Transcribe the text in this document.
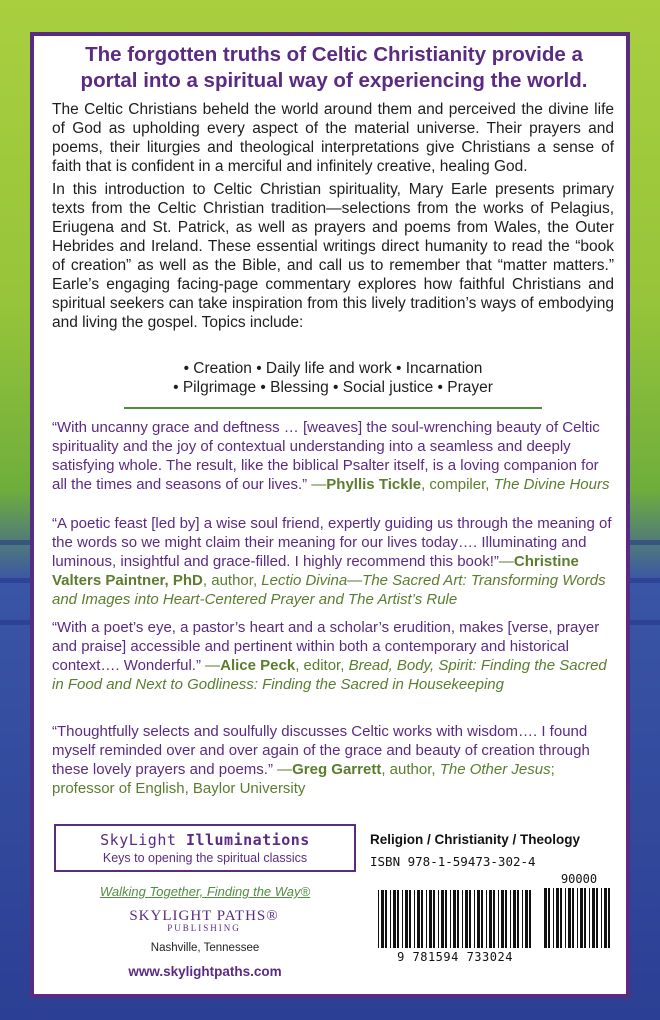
The forgotten truths of Celtic Christianity provide a portal into a spiritual way of experiencing the world.

The Celtic Christians beheld the world around them and perceived the divine life of God as upholding every aspect of the material universe. Their prayers and poems, their liturgies and theological interpretations give Christians a sense of faith that is confident in a merciful and infinitely creative, healing God.

In this introduction to Celtic Christian spirituality, Mary Earle presents primary texts from the Celtic Christian tradition—selections from the works of Pelagius, Eriugena and St. Patrick, as well as prayers and poems from Wales, the Outer Hebrides and Ireland. These essential writings direct humanity to read the “book of creation” as well as the Bible, and call us to remember that “matter matters.” Earle’s engaging facing-page commentary explores how faithful Christians and spiritual seekers can take inspiration from this lively tradition’s ways of embodying and living the gospel. Topics include:

• Creation • Daily life and work • Incarnation
• Pilgrimage • Blessing • Social justice • Prayer

“With uncanny grace and deftness … [weaves] the soul-wrenching beauty of Celtic spirituality and the joy of contextual understanding into a seamless and deeply satisfying whole. The result, like the biblical Psalter itself, is a loving companion for all the times and seasons of our lives.” —Phyllis Tickle, compiler, The Divine Hours

“A poetic feast [led by] a wise soul friend, expertly guiding us through the meaning of the words so we might claim their meaning for our lives today…. Illuminating and luminous, insightful and grace-filled. I highly recommend this book!”—Christine Valters Paintner, PhD, author, Lectio Divina—The Sacred Art: Transforming Words and Images into Heart-Centered Prayer and The Artist’s Rule

“With a poet’s eye, a pastor’s heart and a scholar’s erudition, makes [verse, prayer and praise] accessible and pertinent within both a contemporary and historical context…. Wonderful.” —Alice Peck, editor, Bread, Body, Spirit: Finding the Sacred in Food and Next to Godliness: Finding the Sacred in Housekeeping

“Thoughtfully selects and soulfully discusses Celtic works with wisdom…. I found myself reminded over and over again of the grace and beauty of creation through these lovely prayers and poems.” —Greg Garrett, author, The Other Jesus; professor of English, Baylor University

SkyLight Illuminations
Keys to opening the spiritual classics
Walking Together, Finding the Way®
SKYLIGHT PATHS®
PUBLISHING
Nashville, Tennessee
www.skylightpaths.com
Religion / Christianity / Theology
ISBN 978-1-59473-302-4
90000
9 781594 733024
